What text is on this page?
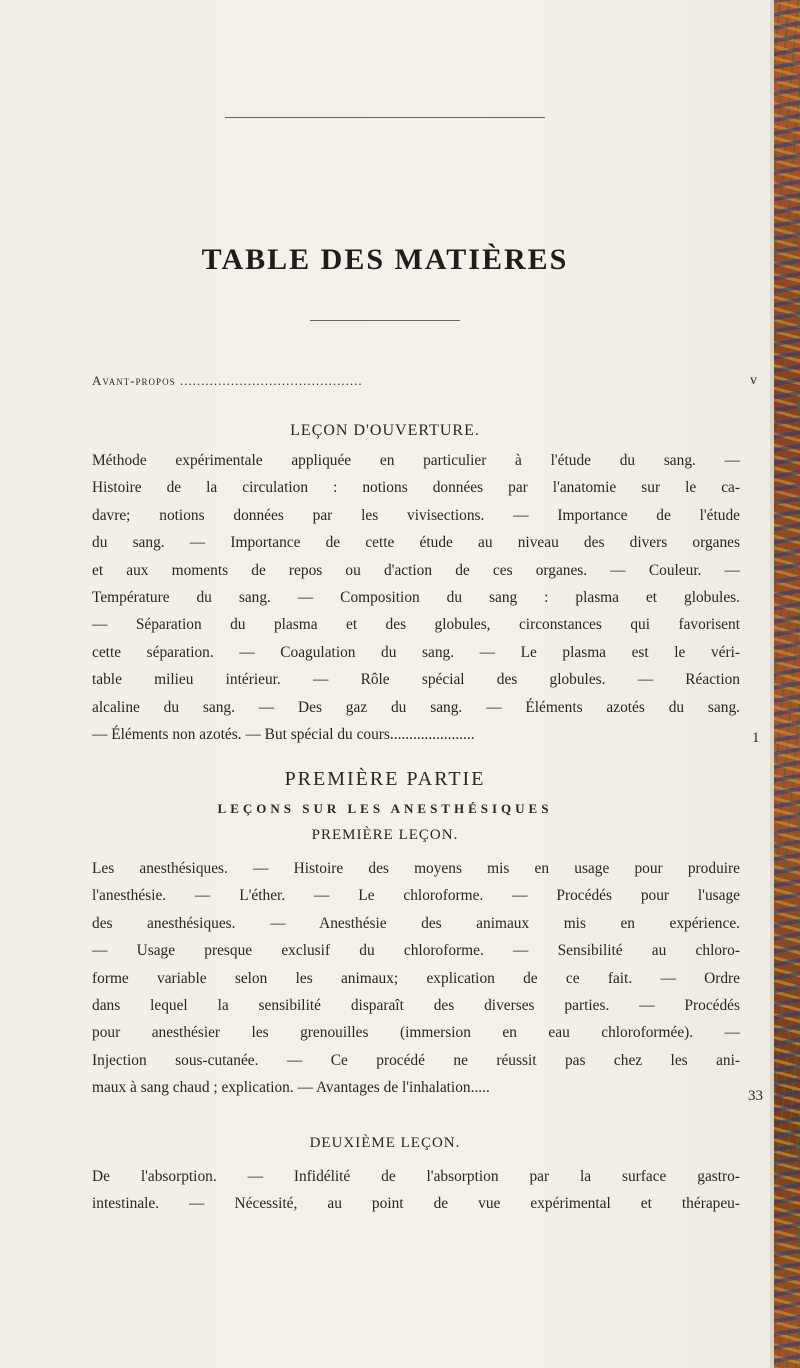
TABLE DES MATIÈRES
Avant-propos ...........................................	v
LEÇON D'OUVERTURE.
Méthode expérimentale appliquée en particulier à l'étude du sang. —
Histoire de la circulation : notions données par l'anatomie sur le ca-
davre; notions données par les vivisections. — Importance de l'étude
du sang. — Importance de cette étude au niveau des divers organes
et aux moments de repos ou d'action de ces organes. — Couleur. —
Température du sang. — Composition du sang : plasma et globules.
— Séparation du plasma et des globules, circonstances qui favorisent
cette séparation. — Coagulation du sang. — Le plasma est le véri-
table milieu intérieur. — Rôle spécial des globules. — Réaction
alcaline du sang. — Des gaz du sang. — Éléments azotés du sang.
— Éléments non azotés. — But spécial du cours......................	1
PREMIÈRE PARTIE
LEÇONS SUR LES ANESTHÉSIQUES
PREMIÈRE LEÇON.
Les anesthésiques. — Histoire des moyens mis en usage pour produire
l'anesthésie. — L'éther. — Le chloroforme. — Procédés pour l'usage
des anesthésiques. — Anesthésie des animaux mis en expérience.
— Usage presque exclusif du chloroforme. — Sensibilité au chloro-
forme variable selon les animaux; explication de ce fait. — Ordre
dans lequel la sensibilité disparaît des diverses parties. — Procédés
pour anesthésier les grenouilles (immersion en eau chloroformée). —
Injection sous-cutanée. — Ce procédé ne réussit pas chez les ani-
maux à sang chaud ; explication. — Avantages de l'inhalation.....	33
DEUXIÈME LEÇON.
De l'absorption. — Infidélité de l'absorption par la surface gastro-
intestinale. — Nécessité, au point de vue expérimental et thérapeu-
